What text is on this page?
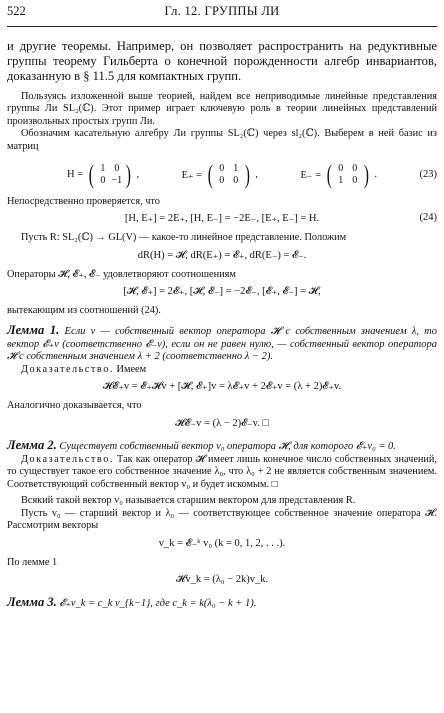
522	Гл. 12. ГРУППЫ ЛИ

и другие теоремы. Например, он позволяет распространить на редуктивные группы теорему Гильберта о конечной порожденности алгебр инвариантов, доказанную в § 11.5 для компактных групп.

Пользуясь изложенной выше теорией, найдем все неприводимые линейные представления группы Ли SL₂(ℂ). Этот пример играет ключевую роль в теории линейных представлений произвольных простых групп Ли.

Обозначим касательную алгебру Ли группы SL₂(ℂ) через sl₂(ℂ). Выберем в ней базис из матриц

H = ( 1 0
0 −1 ) ,	E₊ = ( 0 1
0 0 ) ,	E₋ = ( 0 0
1 0 ) .	(23)

Непосредственно проверяется, что

[H, E₊] = 2E₊, [H, E₋] = −2E₋, [E₊, E₋] = H.	(24)

Пусть R: SL₂(ℂ) → GL(V) — какое-то линейное представление. Положим

dR(H) = 𝓗, dR(E₊) = 𝓔₊, dR(E₋) = 𝓔₋.

Операторы 𝓗, 𝓔₊, 𝓔₋ удовлетворяют соотношениям

[𝓗, 𝓔₊] = 2𝓔₊, [𝓗, 𝓔₋] = −2𝓔₋, [𝓔₊, 𝓔₋] = 𝓗,

вытекающим из соотношений (24).

Лемма 1. Если v — собственный вектор оператора 𝓗 с собственным значением λ, то вектор 𝓔₊v (соответственно 𝓔₋v), если он не равен нулю, — собственный вектор оператора 𝓗 с собственным значением λ + 2 (соответственно λ − 2).

Доказательство. Имеем

𝓗𝓔₊v = 𝓔₊𝓗v + [𝓗, 𝓔₊]v = λ𝓔₊v + 2𝓔₊v = (λ + 2)𝓔₊v.

Аналогично доказывается, что

𝓗𝓔₋v = (λ − 2)𝓔₋v. □

Лемма 2. Существует собственный вектор v₀ оператора 𝓗, для которого 𝓔₊v₀ = 0.

Доказательство. Так как оператор 𝓗 имеет лишь конечное число собственных значений, то существует такое его собственное значение λ₀, что λ₀ + 2 не является собственным значением. Соответствующий собственный вектор v₀ и будет искомым. □

Всякий такой вектор v₀ называется старшим вектором для представления R.

Пусть v₀ — старший вектор и λ₀ — соответствующее собственное значение оператора 𝓗. Рассмотрим векторы

v_k = 𝓔₋ᵏ v₀ (k = 0, 1, 2, . . .).

По лемме 1

𝓗v_k = (λ₀ − 2k)v_k.

Лемма 3. 𝓔₊v_k = c_k v_{k−1}, где c_k = k(λ₀ − k + 1).
